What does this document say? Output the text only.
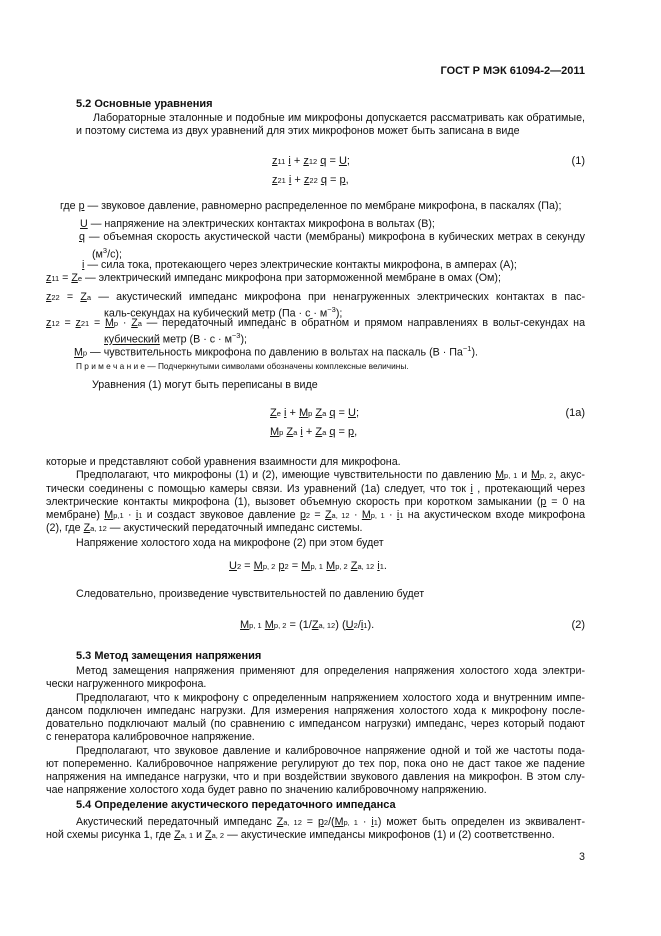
ГОСТ Р МЭК 61094-2—2011
5.2 Основные уравнения
Лабораторные эталонные и подобные им микрофоны допускается рассматривать как обратимые,
и поэтому система из двух уравнений для этих микрофонов может быть записана в виде
z11 i + z12 q = U;
z21 i + z22 q = p,
(1)
где p — звуковое давление, равномерно распределенное по мембране микрофона, в паскалях (Па);
U — напряжение на электрических контактах микрофона в вольтах (В);
q — объемная скорость акустической части (мембраны) микрофона в кубических метрах в секунду
$(м^3/с)$;
i — сила тока, протекающего через электрические контакты микрофона, в амперах (А);
z11 = Ze — электрический импеданс микрофона при заторможенной мембране в омах (Ом);
z22 = Za — акустический импеданс микрофона при ненагруженных электрических контактах в пас-
каль-секундах на кубический метр $(Па \cdot с \cdot м^{-3})$;
z12 = z21 = Mp · Za — передаточный импеданс в обратном и прямом направлениях в вольт-секундах на
кубический метр $(В \cdot с \cdot м^{-3})$;
Mp — чувствительность микрофона по давлению в вольтах на паскаль $(В \cdot Па^{-1})$.
П р и м е ч а н и е — Подчеркнутыми символами обозначены комплексные величины.
Уравнения (1) могут быть переписаны в виде
Ze i + Mp Za q = U;
Mp Za i + Za q = p,
(1a)
которые и представляют собой уравнения взаимности для микрофона.
Предполагают, что микрофоны (1) и (2), имеющие чувствительности по давлению Mp, 1 и Mp, 2, акус-
тически соединены с помощью камеры связи. Из уравнений (1а) следует, что ток i , протекающий через
электрические контакты микрофона (1), вызовет объемную скорость при коротком замыкании (p = 0 на
мембране) Mp,1 · i1 и создаст звуковое давление p2 = Za, 12 · Mp, 1 · i1 на акустическом входе микрофона
(2), где Za, 12 — акустический передаточный импеданс системы.
Напряжение холостого хода на микрофоне (2) при этом будет
U2 = Mp, 2 p2 = Mp, 1 Mp, 2 Za, 12 i1.
Следовательно, произведение чувствительностей по давлению будет
Mp, 1 Mp, 2 = (1/Za, 12) (U2/i1).	(2)
5.3 Метод замещения напряжения
Метод замещения напряжения применяют для определения напряжения холостого хода электри-
чески нагруженного микрофона.
Предполагают, что к микрофону с определенным напряжением холостого хода и внутренним импе-
дансом подключен импеданс нагрузки. Для измерения напряжения холостого хода к микрофону после-
довательно подключают малый (по сравнению с импедансом нагрузки) импеданс, через который подают
с генератора калибровочное напряжение.
Предполагают, что звуковое давление и калибровочное напряжение одной и той же частоты пода-
ют попеременно. Калибровочное напряжение регулируют до тех пор, пока оно не даст такое же падение
напряжения на импедансе нагрузки, что и при воздействии звукового давления на микрофон. В этом слу-
чае напряжение холостого хода будет равно по значению калибровочному напряжению.
5.4 Определение акустического передаточного импеданса
Акустический передаточный импеданс Za, 12 = p2/(Mp, 1 · i1) может быть определен из эквивалент-
ной схемы рисунка 1, где Za, 1 и Za, 2 — акустические импедансы микрофонов (1) и (2) соответственно.
3
